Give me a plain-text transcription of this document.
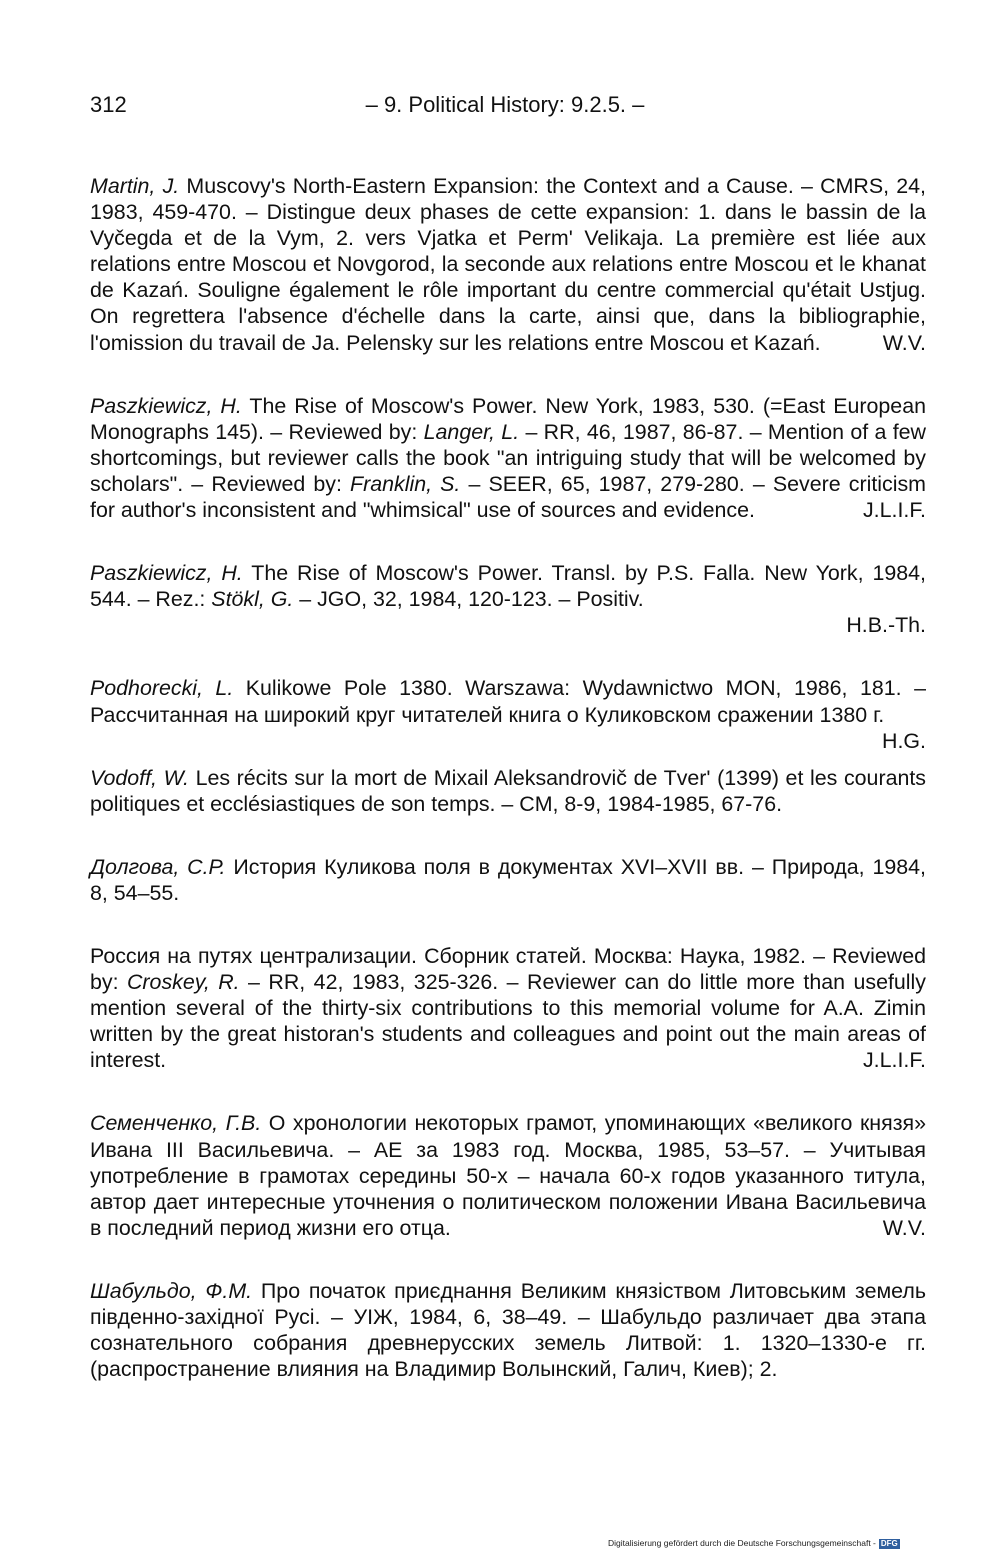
312	– 9. Political History: 9.2.5. –

Martin, J. Muscovy's North-Eastern Expansion: the Context and a Cause. – CMRS, 24, 1983, 459-470. – Distingue deux phases de cette expansion: 1. dans le bassin de la Vyčegda et de la Vym, 2. vers Vjatka et Perm' Velikaja. La première est liée aux relations entre Moscou et Novgorod, la seconde aux relations entre Moscou et le khanat de Kazań. Souligne également le rôle important du centre commercial qu'était Ustjug. On regrettera l'absence d'échelle dans la carte, ainsi que, dans la bibliographie, l'omission du travail de Ja. Pelensky sur les relations entre Moscou et Kazań.	W.V.

Paszkiewicz, H. The Rise of Moscow's Power. New York, 1983, 530. (=East European Monographs 145). – Reviewed by: Langer, L. – RR, 46, 1987, 86-87. – Mention of a few shortcomings, but reviewer calls the book "an intriguing study that will be welcomed by scholars". – Reviewed by: Franklin, S. – SEER, 65, 1987, 279-280. – Severe criticism for author's inconsistent and "whimsical" use of sources and evidence.	J.L.I.F.

Paszkiewicz, H. The Rise of Moscow's Power. Transl. by P.S. Falla. New York, 1984, 544. – Rez.: Stökl, G. – JGO, 32, 1984, 120-123. – Positiv.
H.B.-Th.

Podhorecki, L. Kulikowe Pole 1380. Warszawa: Wydawnictwo MON, 1986, 181. – Рассчитанная на широкий круг читателей книга о Куликовском сражении 1380 г.
H.G.

Vodoff, W. Les récits sur la mort de Mixail Aleksandrovič de Tver' (1399) et les courants politiques et ecclésiastiques de son temps. – CM, 8-9, 1984-1985, 67-76.

Долгова, С.Р. История Куликова поля в документах XVI–XVII вв. – Природа, 1984, 8, 54–55.

Россия на путях централизации. Сборник статей. Москва: Наука, 1982. – Reviewed by: Croskey, R. – RR, 42, 1983, 325-326. – Reviewer can do little more than usefully mention several of the thirty-six contributions to this memorial volume for A.A. Zimin written by the great historan's students and colleagues and point out the main areas of interest.	J.L.I.F.

Семенченко, Г.В. О хронологии некоторых грамот, упоминающих «великого князя» Ивана III Васильевича. – АЕ за 1983 год. Москва, 1985, 53–57. – Учитывая употребление в грамотах середины 50-х – начала 60-х годов указанного титула, автор дает интересные уточнения о политическом положении Ивана Васильевича в последний период жизни его отца.	W.V.

Шабульдо, Ф.М. Про початок приєднання Великим князiством Литовським земель пiвденно-захiдної Русi. – УIЖ, 1984, 6, 38–49. – Шабульдо различает два этапа сознательного собрания древнерусских земель Литвой: 1. 1320–1330-е гг. (распространение влияния на Владимир Волынский, Галич, Киев); 2.

Digitalisierung gefördert durch die Deutsche Forschungsgemeinschaft - DFG
